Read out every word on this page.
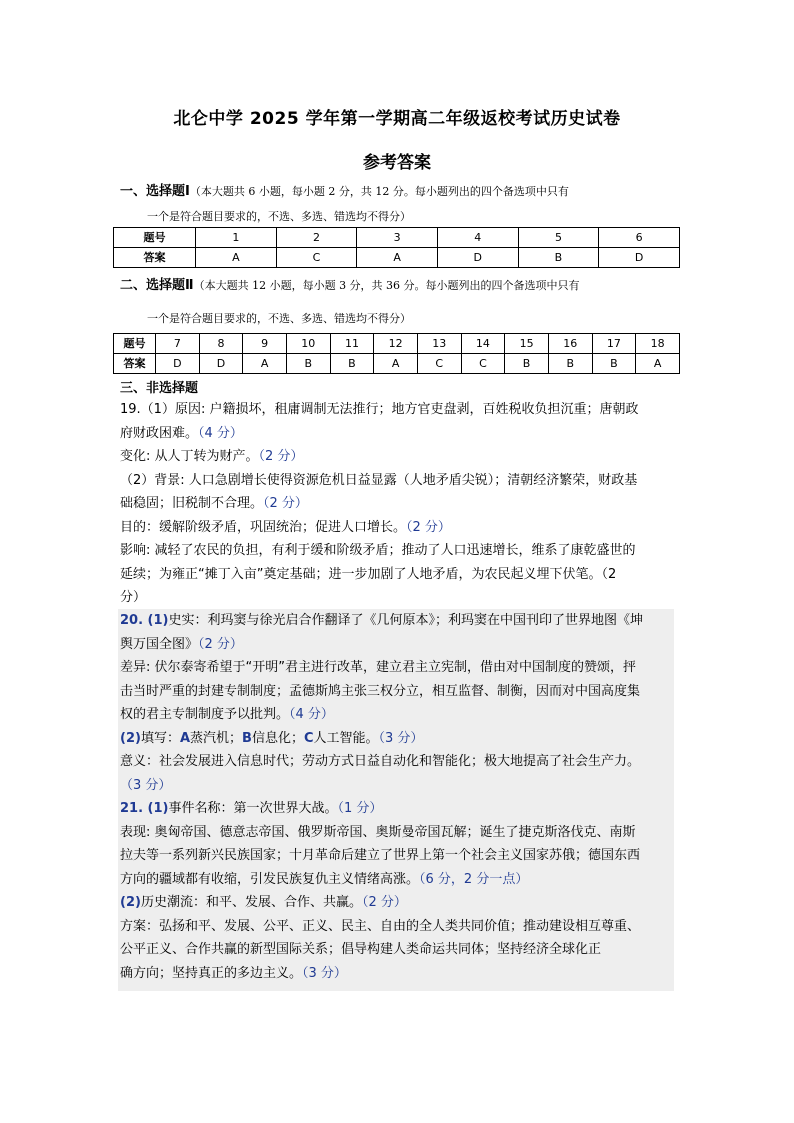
北仑中学 2025 学年第一学期高二年级返校考试历史试卷
参考答案
一、选择题Ⅰ（本大题共 6 小题，每小题 2 分，共 12 分。每小题列出的四个备选项中只有
一个是符合题目要求的，不选、多选、错选均不得分）
题号	1	2	3	4	5	6
答案	A	C	A	D	B	D
二、选择题Ⅱ（本大题共 12 小题，每小题 3 分，共 36 分。每小题列出的四个备选项中只有
一个是符合题目要求的，不选、多选、错选均不得分）
题号	7	8	9	10	11	12	13	14	15	16	17	18
答案	D	D	A	B	B	A	C	C	B	B	B	A
三、非选择题

19.（1）原因: 户籍损坏，租庸调制无法推行；地方官吏盘剥，百姓税收负担沉重；唐朝政

府财政困难。（4 分）

变化: 从人丁转为财产。（2 分）

（2）背景: 人口急剧增长使得资源危机日益显露（人地矛盾尖锐）；清朝经济繁荣，财政基

础稳固；旧税制不合理。（2 分）

目的：缓解阶级矛盾，巩固统治；促进人口增长。（2 分）

影响: 减轻了农民的负担，有利于缓和阶级矛盾；推动了人口迅速增长，维系了康乾盛世的

延续；为雍正“摊丁入亩”奠定基础；进一步加剧了人地矛盾，为农民起义埋下伏笔。（2

分）

20. (1)史实：利玛窦与徐光启合作翻译了《几何原本》；利玛窦在中国刊印了世界地图《坤

舆万国全图》（2 分）

差异: 伏尔泰寄希望于“开明”君主进行改革，建立君主立宪制，借由对中国制度的赞颂，抨

击当时严重的封建专制制度；孟德斯鸠主张三权分立，相互监督、制衡，因而对中国高度集

权的君主专制制度予以批判。（4 分）

(2)填写：A蒸汽机；B信息化；C人工智能。（3 分）

意义：社会发展进入信息时代；劳动方式日益自动化和智能化；极大地提高了社会生产力。

（3 分）

21. (1)事件名称：第一次世界大战。（1 分）

表现: 奥匈帝国、德意志帝国、俄罗斯帝国、奥斯曼帝国瓦解；诞生了捷克斯洛伐克、南斯

拉夫等一系列新兴民族国家；十月革命后建立了世界上第一个社会主义国家苏俄；德国东西

方向的疆域都有收缩，引发民族复仇主义情绪高涨。（6 分，2 分一点）

(2)历史潮流：和平、发展、合作、共赢。（2 分）

方案：弘扬和平、发展、公平、正义、民主、自由的全人类共同价值；推动建设相互尊重、

公平正义、合作共赢的新型国际关系；倡导构建人类命运共同体；坚持经济全球化正

确方向；坚持真正的多边主义。（3 分）
